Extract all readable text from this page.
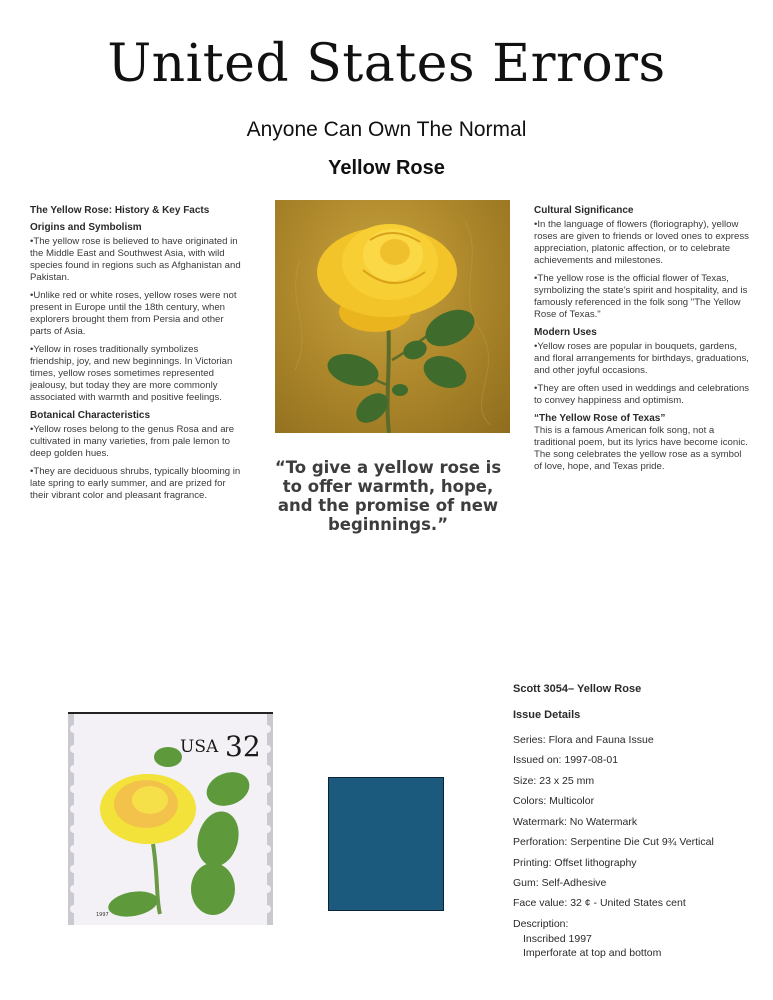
United States Errors
Anyone Can Own The Normal
Yellow Rose
The Yellow Rose: History & Key Facts
Origins and Symbolism

•The yellow rose is believed to have originated in the Middle East and Southwest Asia, with wild species found in regions such as Afghanistan and Pakistan.

•Unlike red or white roses, yellow roses were not present in Europe until the 18th century, when explorers brought them from Persia and other parts of Asia.

•Yellow in roses traditionally symbolizes friendship, joy, and new beginnings. In Victorian times, yellow roses sometimes represented jealousy, but today they are more commonly associated with warmth and positive feelings.

Botanical Characteristics

•Yellow roses belong to the genus Rosa and are cultivated in many varieties, from pale lemon to deep golden hues.

•They are deciduous shrubs, typically blooming in late spring to early summer, and are prized for their vibrant color and pleasant fragrance.

“To give a yellow rose is to offer warmth, hope, and the promise of new beginnings.”
Cultural Significance

•In the language of flowers (floriography), yellow roses are given to friends or loved ones to express appreciation, platonic affection, or to celebrate achievements and milestones.

•The yellow rose is the official flower of Texas, symbolizing the state’s spirit and hospitality, and is famously referenced in the folk song "The Yellow Rose of Texas."

Modern Uses

•Yellow roses are popular in bouquets, gardens, and floral arrangements for birthdays, graduations, and other joyful occasions.

•They are often used in weddings and celebrations to convey happiness and optimism.

“The Yellow Rose of Texas”

This is a famous American folk song, not a traditional poem, but its lyrics have become iconic. The song celebrates the yellow rose as a symbol of love, hope, and Texas pride.

USA 32
1997
Scott 3054– Yellow Rose
Issue Details
Series: Flora and Fauna Issue
Issued on: 1997-08-01
Size: 23 x 25 mm
Colors: Multicolor
Watermark: No Watermark
Perforation: Serpentine Die Cut 9¾ Vertical
Printing: Offset lithography
Gum: Self-Adhesive
Face value: 32 ¢ - United States cent
Description:
Inscribed 1997
Imperforate at top and bottom
